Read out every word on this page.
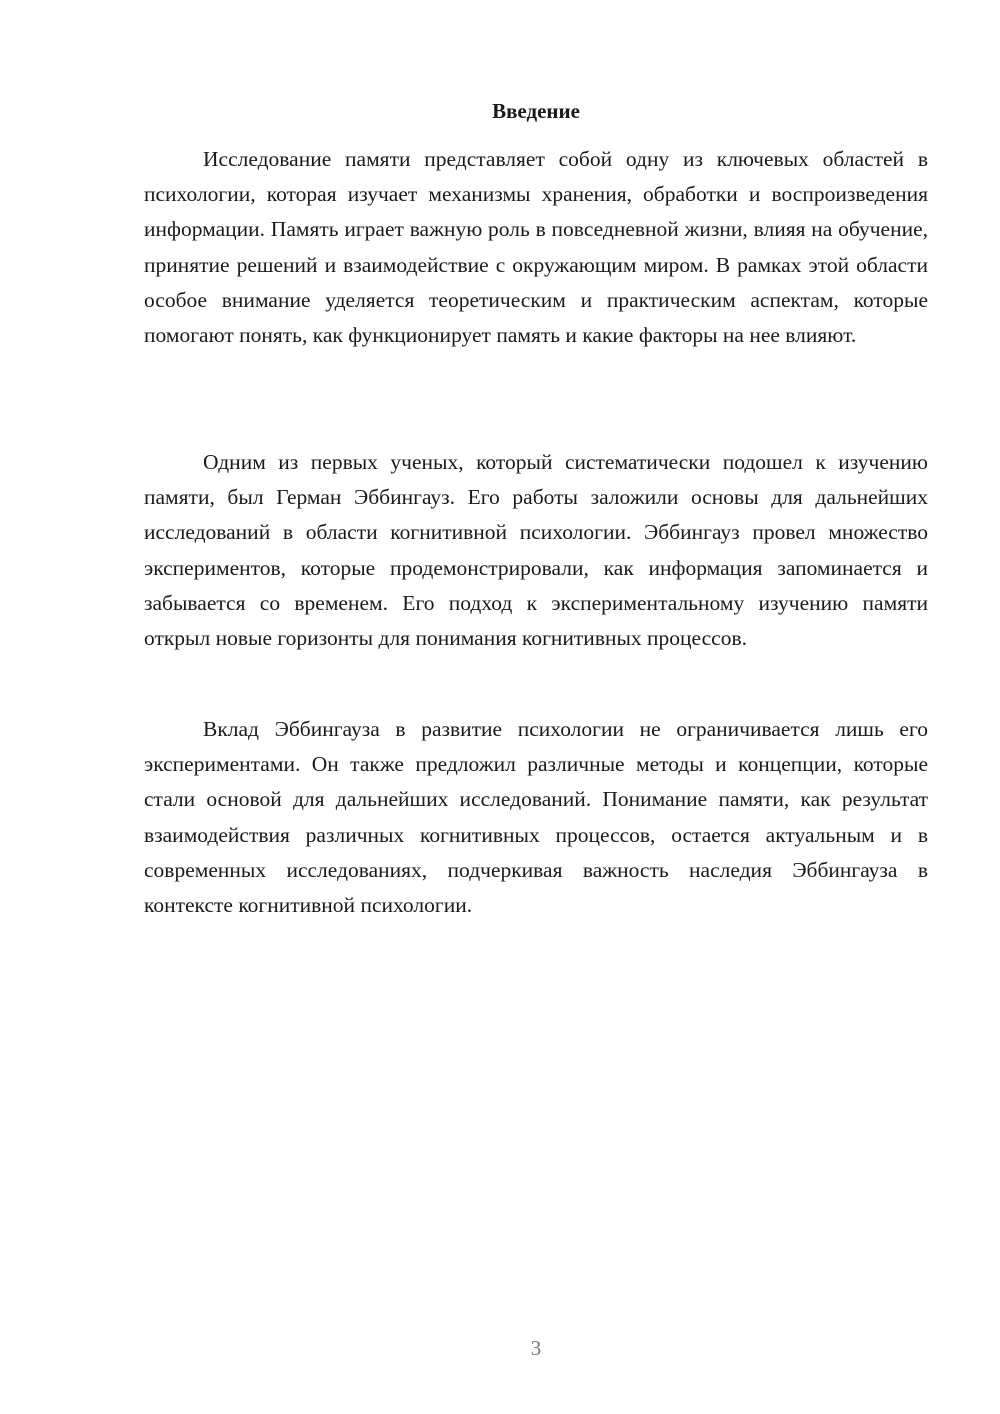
Введение

Исследование памяти представляет собой одну из ключевых областей в психологии, которая изучает механизмы хранения, обработки и воспроизведения информации. Память играет важную роль в повседневной жизни, влияя на обучение, принятие решений и взаимодействие с окружающим миром. В рамках этой области особое внимание уделяется теоретическим и практическим аспектам, которые помогают понять, как функционирует память и какие факторы на нее влияют.

Одним из первых ученых, который систематически подошел к изучению памяти, был Герман Эббингауз. Его работы заложили основы для дальнейших исследований в области когнитивной психологии. Эббингауз провел множество экспериментов, которые продемонстрировали, как информация запоминается и забывается со временем. Его подход к экспериментальному изучению памяти открыл новые горизонты для понимания когнитивных процессов.

Вклад Эббингауза в развитие психологии не ограничивается лишь его экспериментами. Он также предложил различные методы и концепции, которые стали основой для дальнейших исследований. Понимание памяти, как результат взаимодействия различных когнитивных процессов, остается актуальным и в современных исследованиях, подчеркивая важность наследия Эббингауза в контексте когнитивной психологии.

3
